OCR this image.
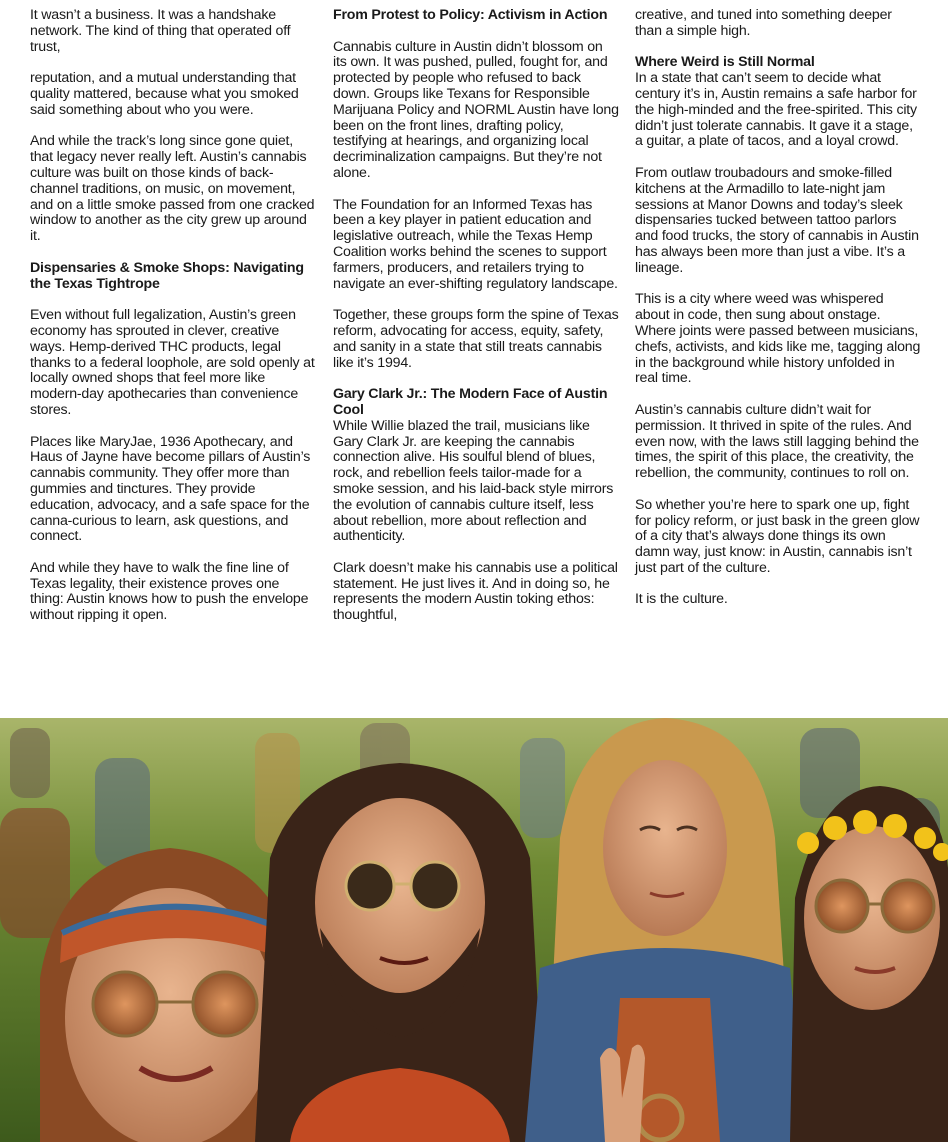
It wasn’t a business. It was a handshake network. The kind of thing that operated off trust,

reputation, and a mutual understanding that quality mattered, because what you smoked said something about who you were.

And while the track’s long since gone quiet, that legacy never really left. Austin’s cannabis culture was built on those kinds of back-channel traditions, on music, on movement, and on a little smoke passed from one cracked window to another as the city grew up around it.

Dispensaries & Smoke Shops: Navigating the Texas Tightrope

Even without full legalization, Austin’s green economy has sprouted in clever, creative ways. Hemp-derived THC products, legal thanks to a federal loophole, are sold openly at locally owned shops that feel more like modern-day apothecaries than convenience stores.

Places like MaryJae, 1936 Apothecary, and Haus of Jayne have become pillars of Austin’s cannabis community. They offer more than gummies and tinctures. They provide education, advocacy, and a safe space for the canna-curious to learn, ask questions, and connect.

And while they have to walk the fine line of Texas legality, their existence proves one thing: Austin knows how to push the envelope without ripping it open.

From Protest to Policy: Activism in Action

Cannabis culture in Austin didn’t blossom on its own. It was pushed, pulled, fought for, and protected by people who refused to back down. Groups like Texans for Responsible Marijuana Policy and NORML Austin have long been on the front lines, drafting policy, testifying at hearings, and organizing local decriminalization campaigns. But they’re not alone.

The Foundation for an Informed Texas has been a key player in patient education and legislative outreach, while the Texas Hemp Coalition works behind the scenes to support farmers, producers, and retailers trying to navigate an ever-shifting regulatory landscape.

Together, these groups form the spine of Texas reform, advocating for access, equity, safety, and sanity in a state that still treats cannabis like it’s 1994.

Gary Clark Jr.: The Modern Face of Austin Cool

While Willie blazed the trail, musicians like Gary Clark Jr. are keeping the cannabis connection alive. His soulful blend of blues, rock, and rebellion feels tailor-made for a smoke session, and his laid-back style mirrors the evolution of cannabis culture itself, less about rebellion, more about reflection and authenticity.

Clark doesn’t make his cannabis use a political statement. He just lives it. And in doing so, he represents the modern Austin toking ethos: thoughtful,

creative, and tuned into something deeper than a simple high.

Where Weird is Still Normal

In a state that can’t seem to decide what century it’s in, Austin remains a safe harbor for the high-minded and the free-spirited. This city didn’t just tolerate cannabis. It gave it a stage, a guitar, a plate of tacos, and a loyal crowd.

From outlaw troubadours and smoke-filled kitchens at the Armadillo to late-night jam sessions at Manor Downs and today’s sleek dispensaries tucked between tattoo parlors and food trucks, the story of cannabis in Austin has always been more than just a vibe. It’s a lineage.

This is a city where weed was whispered about in code, then sung about onstage. Where joints were passed between musicians, chefs, activists, and kids like me, tagging along in the background while history unfolded in real time.

Austin’s cannabis culture didn’t wait for permission. It thrived in spite of the rules. And even now, with the laws still lagging behind the times, the spirit of this place, the creativity, the rebellion, the community, continues to roll on.

So whether you’re here to spark one up, fight for policy reform, or just bask in the green glow of a city that’s always done things its own damn way, just know: in Austin, cannabis isn’t just part of the culture.

It is the culture.
